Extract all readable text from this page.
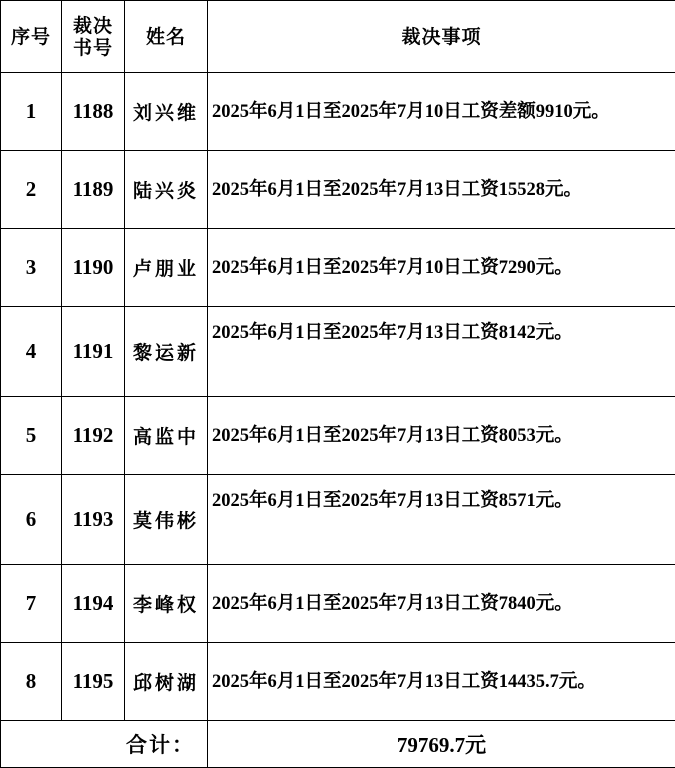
序号	裁决书号	姓名	裁决事项
1	1188	刘兴维	2025年6月1日至2025年7月10日工资差额9910元。
2	1189	陆兴炎	2025年6月1日至2025年7月13日工资15528元。
3	1190	卢朋业	2025年6月1日至2025年7月10日工资7290元。
4	1191	黎运新	2025年6月1日至2025年7月13日工资8142元。
5	1192	高监中	2025年6月1日至2025年7月13日工资8053元。
6	1193	莫伟彬	2025年6月1日至2025年7月13日工资8571元。
7	1194	李峰权	2025年6月1日至2025年7月13日工资7840元。
8	1195	邱树湖	2025年6月1日至2025年7月13日工资14435.7元。
合计：			79769.7元
